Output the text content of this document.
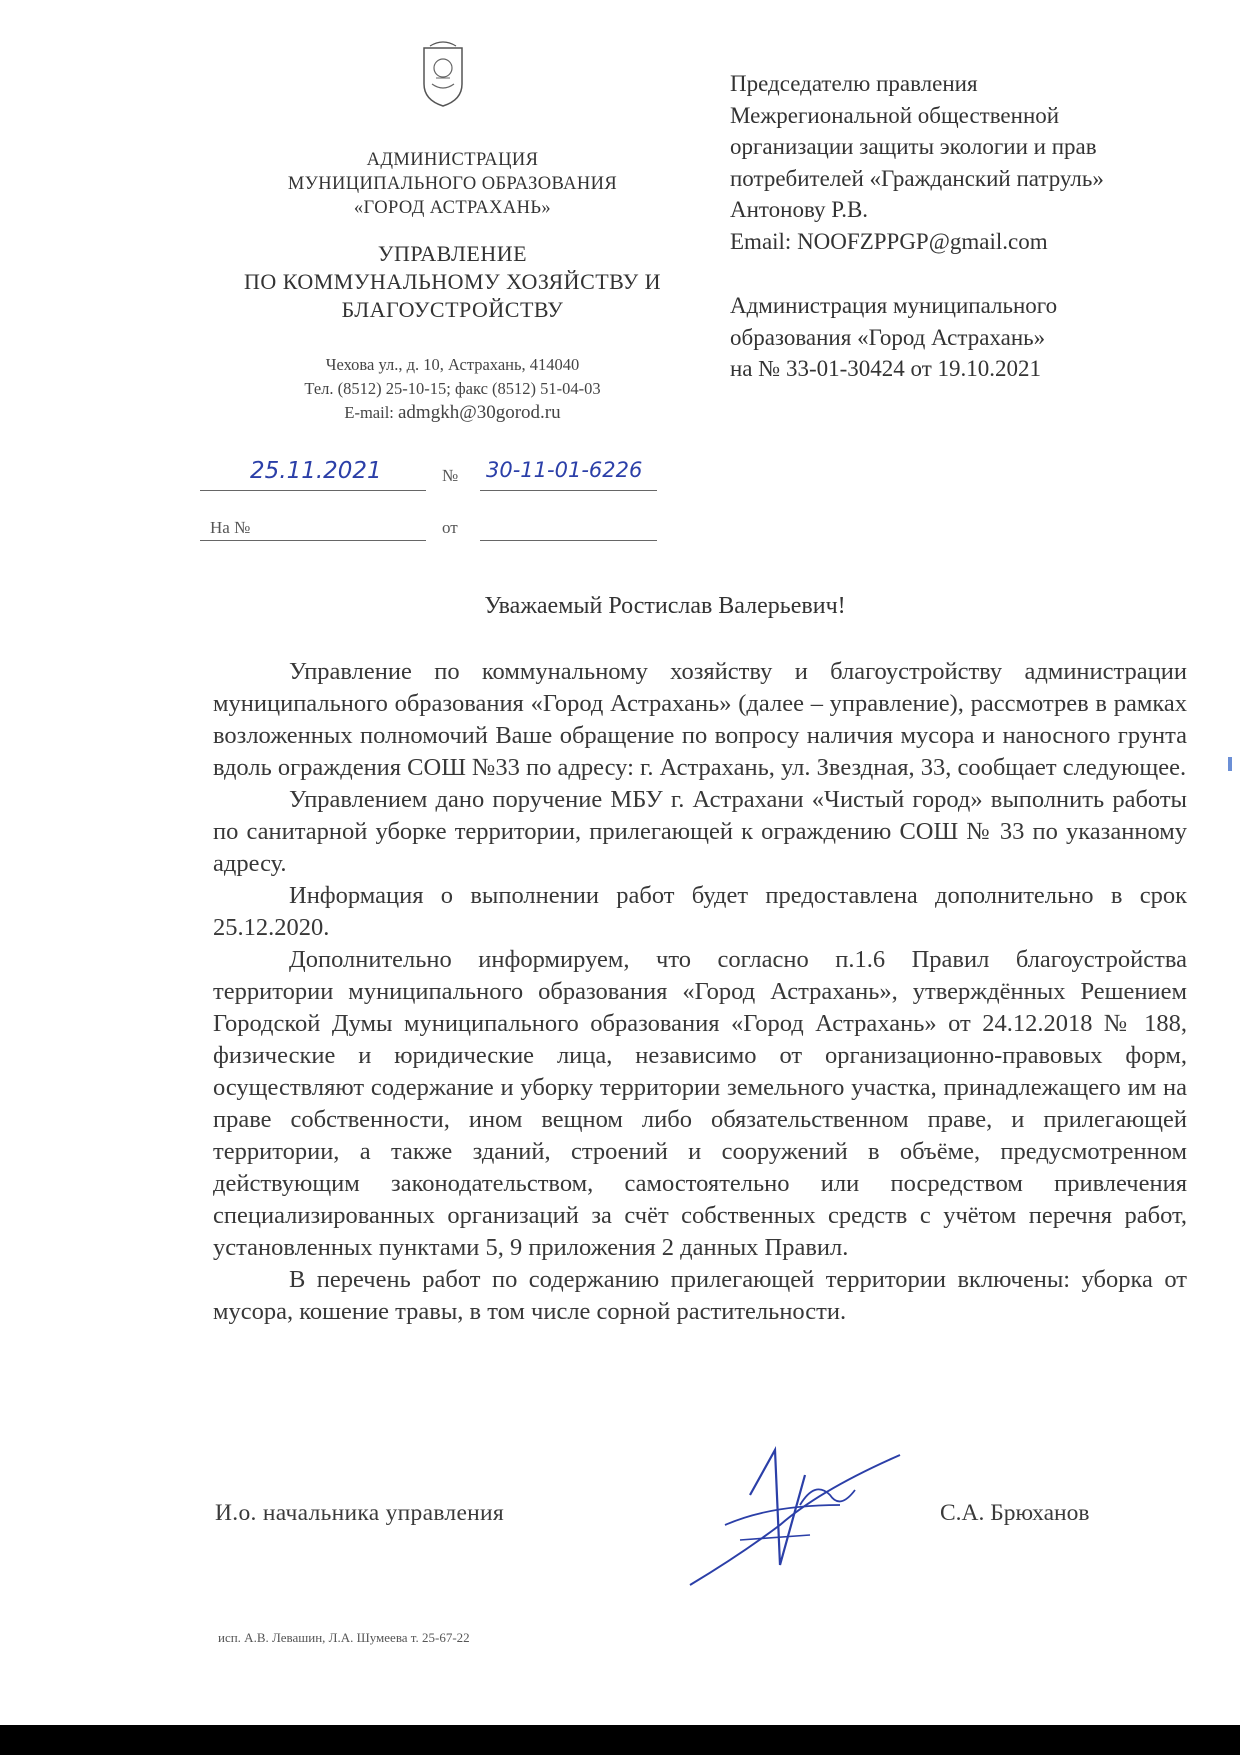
АДМИНИСТРАЦИЯ
МУНИЦИПАЛЬНОГО ОБРАЗОВАНИЯ
«ГОРОД АСТРАХАНЬ»
УПРАВЛЕНИЕ
ПО КОММУНАЛЬНОМУ ХОЗЯЙСТВУ И
БЛАГОУСТРОЙСТВУ
Чехова ул., д. 10, Астрахань, 414040
Тел. (8512) 25-10-15; факс (8512) 51-04-03
E-mail: admgkh@30gorod.ru
Председателю правления
Межрегиональной общественной
организации защиты экологии и прав
потребителей «Гражданский патруль»
Антонову Р.В.
Email: NOOFZPPGP@gmail.com
Администрация муниципального
образования «Город Астрахань»
на № 33-01-30424 от 19.10.2021
25.11.2021	№ 30-11-01-6226
На №	от
Уважаемый Ростислав Валерьевич!

Управление по коммунальному хозяйству и благоустройству администрации муниципального образования «Город Астрахань» (далее – управление), рассмотрев в рамках возложенных полномочий Ваше обращение по вопросу наличия мусора и наносного грунта вдоль ограждения СОШ №33 по адресу: г. Астрахань, ул. Звездная, 33, сообщает следующее.

Управлением дано поручение МБУ г. Астрахани «Чистый город» выполнить работы по санитарной уборке территории, прилегающей к ограждению СОШ № 33 по указанному адресу.

Информация о выполнении работ будет предоставлена дополнительно в срок 25.12.2020.

Дополнительно информируем, что согласно п.1.6 Правил благоустройства территории муниципального образования «Город Астрахань», утверждённых Решением Городской Думы муниципального образования «Город Астрахань» от 24.12.2018 № 188, физические и юридические лица, независимо от организационно-правовых форм, осуществляют содержание и уборку территории земельного участка, принадлежащего им на праве собственности, ином вещном либо обязательственном праве, и прилегающей территории, а также зданий, строений и сооружений в объёме, предусмотренном действующим законодательством, самостоятельно или посредством привлечения специализированных организаций за счёт собственных средств с учётом перечня работ, установленных пунктами 5, 9 приложения 2 данных Правил.

В перечень работ по содержанию прилегающей территории включены: уборка от мусора, кошение травы, в том числе сорной растительности.

И.о. начальника управления	С.А. Брюханов
исп. А.В. Левашин, Л.А. Шумеева т. 25-67-22
